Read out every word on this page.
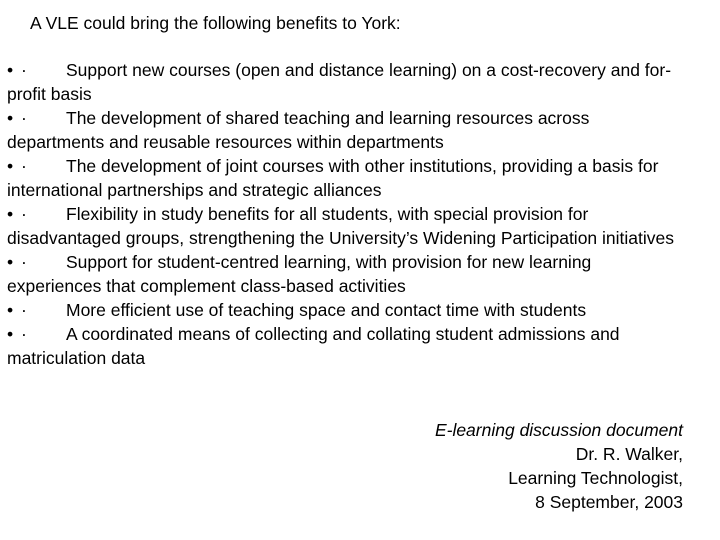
A VLE could bring the following benefits to York:
• · Support new courses (open and distance learning) on a cost-recovery and for-profit basis
• · The development of shared teaching and learning resources across departments and reusable resources within departments
• · The development of joint courses with other institutions, providing a basis for international partnerships and strategic alliances
• · Flexibility in study benefits for all students, with special provision for disadvantaged groups, strengthening the University’s Widening Participation initiatives
• · Support for student-centred learning, with provision for new learning experiences that complement class-based activities
• · More efficient use of teaching space and contact time with students
• · A coordinated means of collecting and collating student admissions and matriculation data
E-learning discussion document
Dr. R. Walker,
Learning Technologist,
8 September, 2003
